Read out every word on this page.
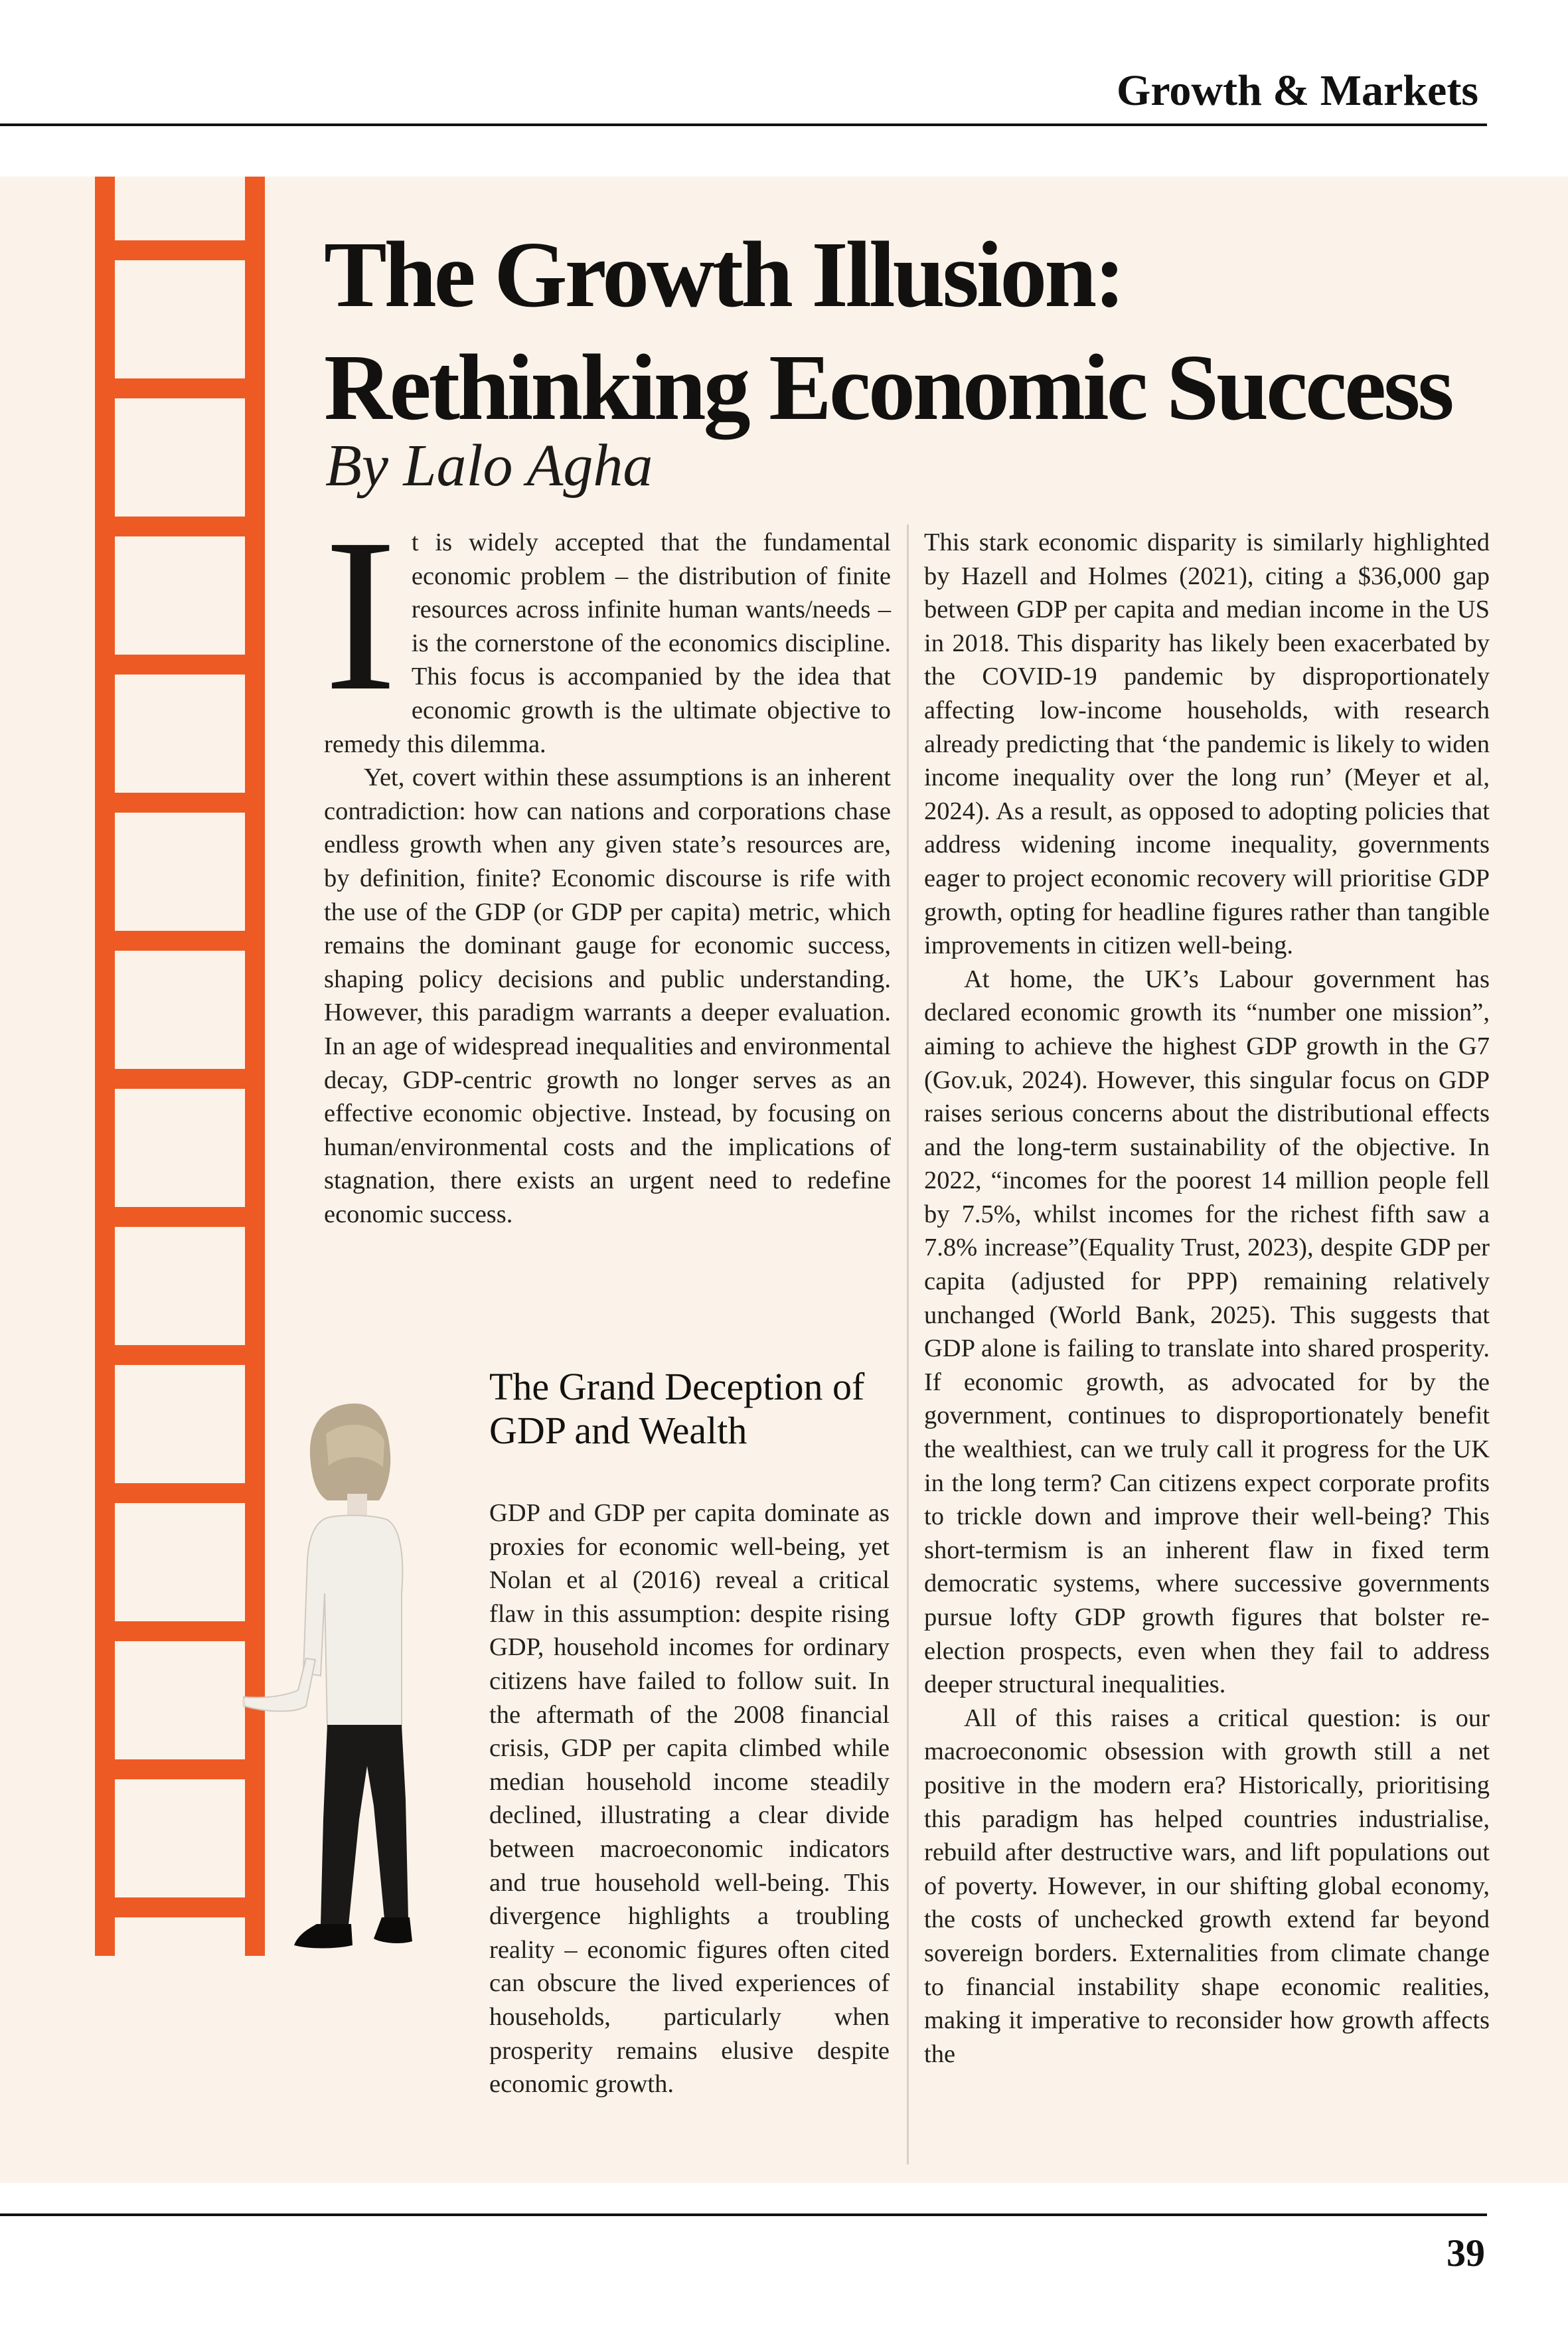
Growth & Markets
The Growth Illusion:
Rethinking Economic Success
By Lalo Agha
I t is widely accepted that the fundamental economic problem – the distribution of finite resources across infinite human wants/needs – is the cornerstone of the economics discipline. This focus is accompanied by the idea that economic growth is the ultimate objective to remedy this dilemma.

Yet, covert within these assumptions is an inherent contradiction: how can nations and corporations chase endless growth when any given state’s resources are, by definition, finite? Economic discourse is rife with the use of the GDP (or GDP per capita) metric, which remains the dominant gauge for economic success, shaping policy decisions and public understanding. However, this paradigm warrants a deeper evaluation. In an age of widespread inequalities and environmental decay, GDP-centric growth no longer serves as an effective economic objective. Instead, by focusing on human/environmental costs and the implications of stagnation, there exists an urgent need to redefine economic success.

The Grand Deception of GDP and Wealth

GDP and GDP per capita dominate as proxies for economic well-being, yet Nolan et al (2016) reveal a critical flaw in this assumption: despite rising GDP, household incomes for ordinary citizens have failed to follow suit. In the aftermath of the 2008 financial crisis, GDP per capita climbed while median household income steadily declined, illustrating a clear divide between macroeconomic indicators and true household well-being. This divergence highlights a troubling reality – economic figures often cited can obscure the lived experiences of households, particularly when prosperity remains elusive despite economic growth.

This stark economic disparity is similarly highlighted by Hazell and Holmes (2021), citing a $36,000 gap between GDP per capita and median income in the US in 2018. This disparity has likely been exacerbated by the COVID-19 pandemic by disproportionately affecting low-income households, with research already predicting that ‘the pandemic is likely to widen income inequality over the long run’ (Meyer et al, 2024). As a result, as opposed to adopting policies that address widening income inequality, governments eager to project economic recovery will prioritise GDP growth, opting for headline figures rather than tangible improvements in citizen well-being.

At home, the UK’s Labour government has declared economic growth its “number one mission”, aiming to achieve the highest GDP growth in the G7 (Gov.uk, 2024). However, this singular focus on GDP raises serious concerns about the distributional effects and the long-term sustainability of the objective. In 2022, “incomes for the poorest 14 million people fell by 7.5%, whilst incomes for the richest fifth saw a 7.8% increase”(Equality Trust, 2023), despite GDP per capita (adjusted for PPP) remaining relatively unchanged (World Bank, 2025). This suggests that GDP alone is failing to translate into shared prosperity. If economic growth, as advocated for by the government, continues to disproportionately benefit the wealthiest, can we truly call it progress for the UK in the long term? Can citizens expect corporate profits to trickle down and improve their well-being? This short-termism is an inherent flaw in fixed term democratic systems, where successive governments pursue lofty GDP growth figures that bolster re-election prospects, even when they fail to address deeper structural inequalities.

All of this raises a critical question: is our macroeconomic obsession with growth still a net positive in the modern era? Historically, prioritising this paradigm has helped countries industrialise, rebuild after destructive wars, and lift populations out of poverty. However, in our shifting global economy, the costs of unchecked growth extend far beyond sovereign borders. Externalities from climate change to financial instability shape economic realities, making it imperative to reconsider how growth affects the

39
